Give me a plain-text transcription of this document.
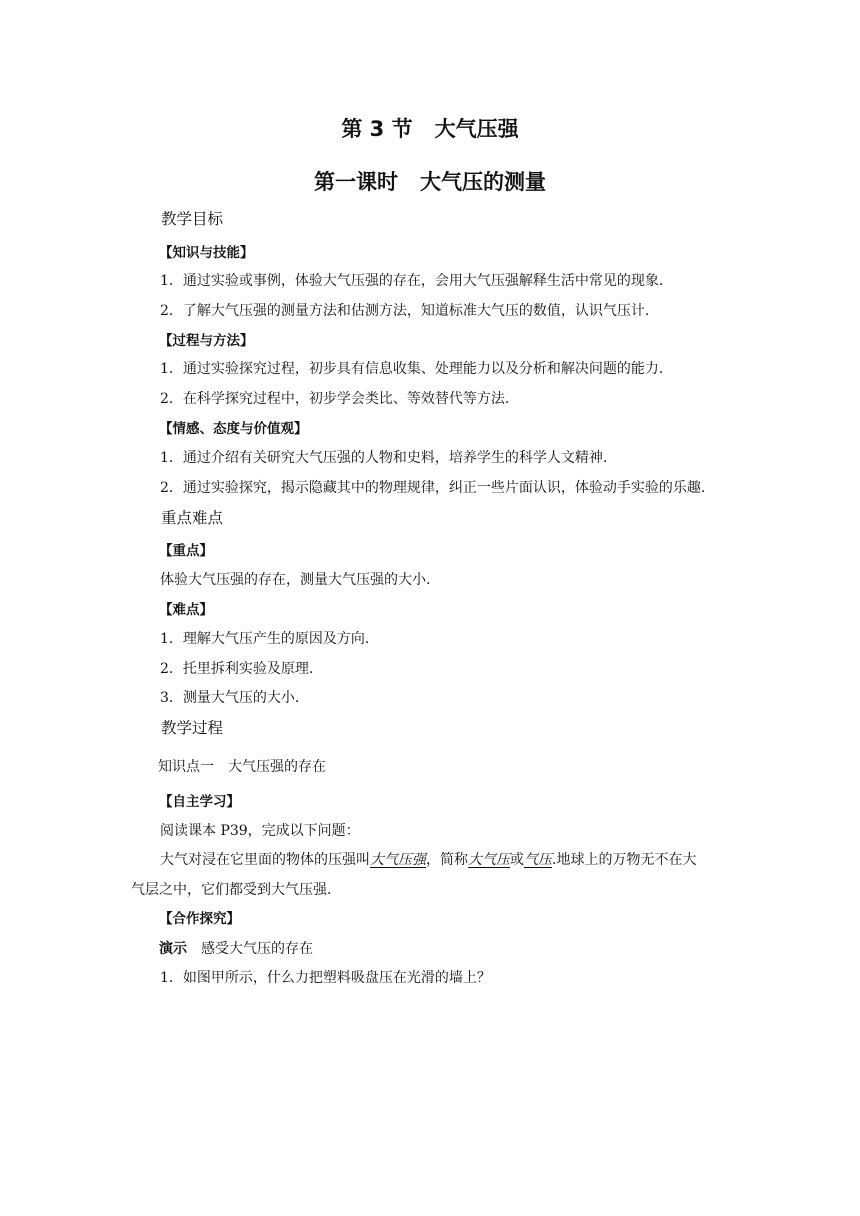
第 3 节 大气压强
第一课时 大气压的测量
教学目标
【知识与技能】
1．通过实验或事例，体验大气压强的存在，会用大气压强解释生活中常见的现象.
2．了解大气压强的测量方法和估测方法，知道标准大气压的数值，认识气压计.
【过程与方法】
1．通过实验探究过程，初步具有信息收集、处理能力以及分析和解决问题的能力.
2．在科学探究过程中，初步学会类比、等效替代等方法.
【情感、态度与价值观】
1．通过介绍有关研究大气压强的人物和史料，培养学生的科学人文精神.
2．通过实验探究，揭示隐藏其中的物理规律，纠正一些片面认识，体验动手实验的乐趣.
重点难点
【重点】
体验大气压强的存在，测量大气压强的大小.
【难点】
1．理解大气压产生的原因及方向.
2．托里拆利实验及原理.
3．测量大气压的大小.
教学过程
知识点一 大气压强的存在
【自主学习】
阅读课本 P39，完成以下问题：
大气对浸在它里面的物体的压强叫大气压强，简称大气压或气压.地球上的万物无不在大
气层之中，它们都受到大气压强.
【合作探究】
演示 感受大气压的存在
1．如图甲所示，什么力把塑料吸盘压在光滑的墙上？
